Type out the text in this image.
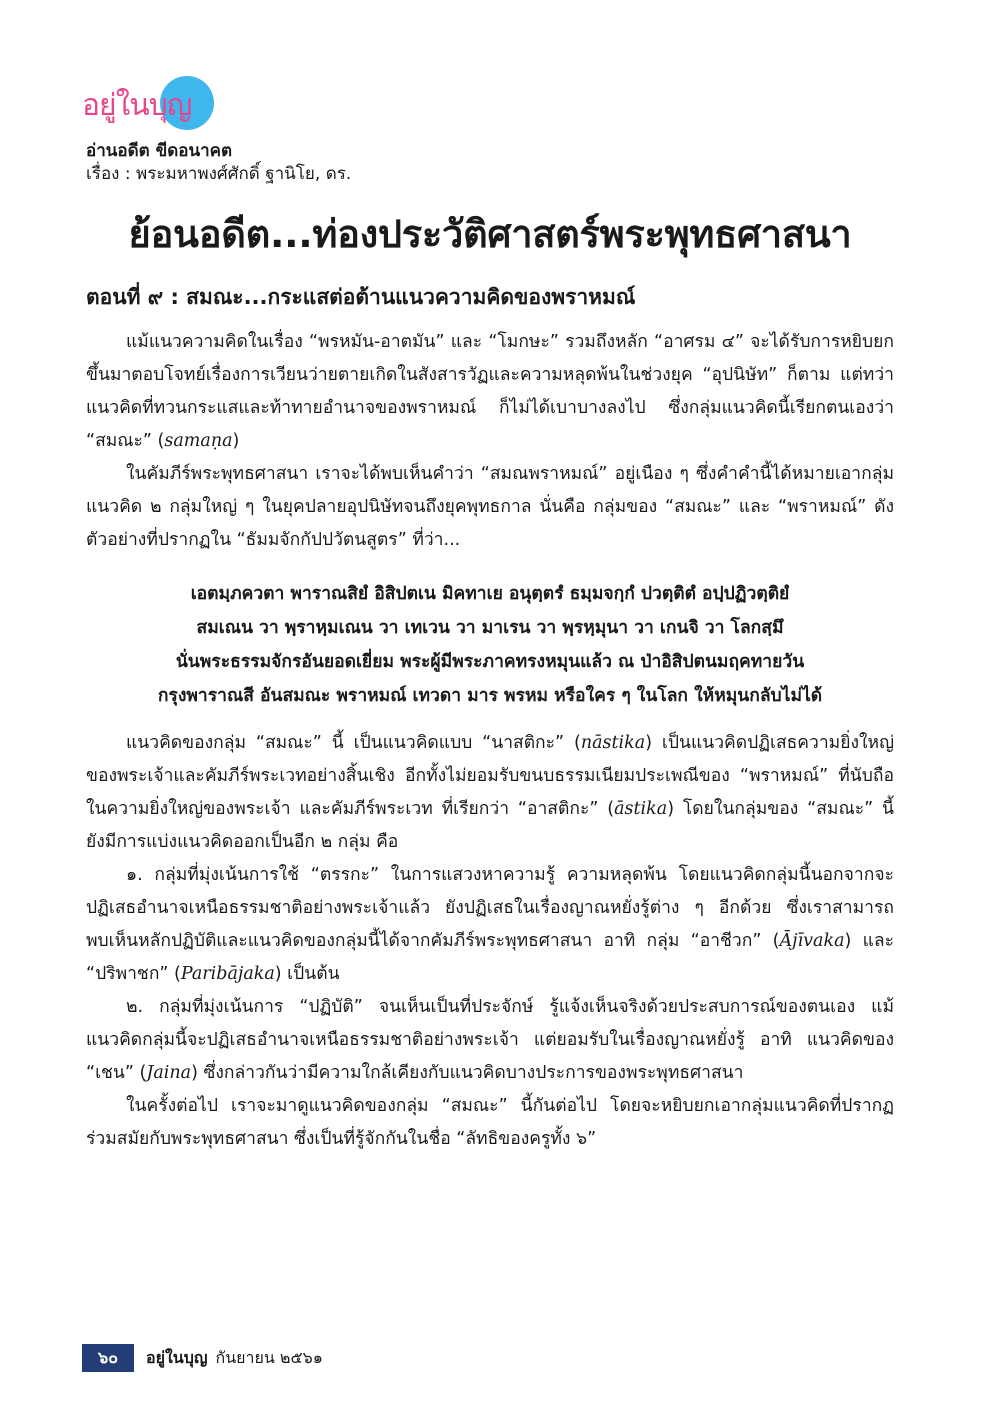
อยู่ในบุญ

อ่านอดีต ขีดอนาคต

เรื่อง : พระมหาพงศ์ศักดิ์ ฐานิโย, ดร.

ย้อนอดีต...ท่องประวัติศาสตร์พระพุทธศาสนา
ตอนที่ ๙ : สมณะ...กระแสต่อต้านแนวความคิดของพราหมณ์

แม้แนวความคิดในเรื่อง “พรหมัน-อาตมัน” และ “โมกษะ” รวมถึงหลัก “อาศรม ๔” จะได้รับการหยิบยกขึ้นมาตอบโจทย์เรื่องการเวียนว่ายตายเกิดในสังสารวัฏและความหลุดพ้นในช่วงยุค “อุปนิษัท” ก็ตาม แต่ทว่าแนวคิดที่ทวนกระแสและท้าทายอำนาจของพราหมณ์ ก็ไม่ได้เบาบางลงไป ซึ่งกลุ่มแนวคิดนี้เรียกตนเองว่า “สมณะ” (samaṇa)

ในคัมภีร์พระพุทธศาสนา เราจะได้พบเห็นคำว่า “สมณพราหมณ์” อยู่เนือง ๆ ซึ่งคำคำนี้ได้หมายเอากลุ่มแนวคิด ๒ กลุ่มใหญ่ ๆ ในยุคปลายอุปนิษัทจนถึงยุคพุทธกาล นั่นคือ กลุ่มของ “สมณะ” และ “พราหมณ์” ดังตัวอย่างที่ปรากฏใน “ธัมมจักกัปปวัตนสูตร” ที่ว่า...

เอตมฺภควตา พาราณสิยํ อิสิปตเน มิคทาเย อนุตฺตรํ ธมฺมจกฺกํ ปวตฺติตํ อปฺปฏิวตฺติยํ
สมเณน วา พฺราหฺมเณน วา เทเวน วา มาเรน วา พฺรหฺมุนา วา เกนจิ วา โลกสฺมึ
นั่นพระธรรมจักรอันยอดเยี่ยม พระผู้มีพระภาคทรงหมุนแล้ว ณ ป่าอิสิปตนมฤคทายวัน
กรุงพาราณสี อันสมณะ พราหมณ์ เทวดา มาร พรหม หรือใคร ๆ ในโลก ให้หมุนกลับไม่ได้

แนวคิดของกลุ่ม “สมณะ” นี้ เป็นแนวคิดแบบ “นาสติกะ” (nāstika) เป็นแนวคิดปฏิเสธความยิ่งใหญ่ของพระเจ้าและคัมภีร์พระเวทอย่างสิ้นเชิง อีกทั้งไม่ยอมรับขนบธรรมเนียมประเพณีของ “พราหมณ์” ที่นับถือในความยิ่งใหญ่ของพระเจ้า และคัมภีร์พระเวท ที่เรียกว่า “อาสติกะ” (āstika) โดยในกลุ่มของ “สมณะ” นี้ ยังมีการแบ่งแนวคิดออกเป็นอีก ๒ กลุ่ม คือ

๑. กลุ่มที่มุ่งเน้นการใช้ “ตรรกะ” ในการแสวงหาความรู้ ความหลุดพ้น โดยแนวคิดกลุ่มนี้นอกจากจะปฏิเสธอำนาจเหนือธรรมชาติอย่างพระเจ้าแล้ว ยังปฏิเสธในเรื่องญาณหยั่งรู้ต่าง ๆ อีกด้วย ซึ่งเราสามารถพบเห็นหลักปฏิบัติและแนวคิดของกลุ่มนี้ได้จากคัมภีร์พระพุทธศาสนา อาทิ กลุ่ม “อาชีวก” (Ājīvaka) และ “ปริพาชก” (Paribājaka) เป็นต้น

๒. กลุ่มที่มุ่งเน้นการ “ปฏิบัติ” จนเห็นเป็นที่ประจักษ์ รู้แจ้งเห็นจริงด้วยประสบการณ์ของตนเอง แม้แนวคิดกลุ่มนี้จะปฏิเสธอำนาจเหนือธรรมชาติอย่างพระเจ้า แต่ยอมรับในเรื่องญาณหยั่งรู้ อาทิ แนวคิดของ “เชน” (Jaina) ซึ่งกล่าวกันว่ามีความใกล้เคียงกับแนวคิดบางประการของพระพุทธศาสนา

ในครั้งต่อไป เราจะมาดูแนวคิดของกลุ่ม “สมณะ” นี้กันต่อไป โดยจะหยิบยกเอากลุ่มแนวคิดที่ปรากฏร่วมสมัยกับพระพุทธศาสนา ซึ่งเป็นที่รู้จักกันในชื่อ “ลัทธิของครูทั้ง ๖”

๖๐	อยู่ในบุญ กันยายน ๒๕๖๑
